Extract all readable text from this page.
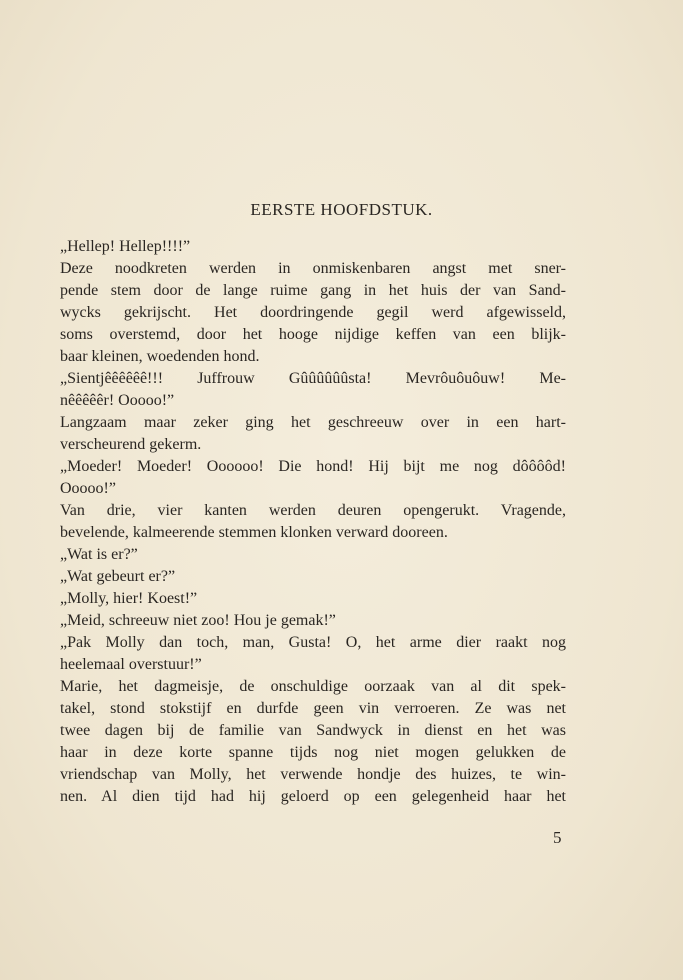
EERSTE HOOFDSTUK.
„Hellep! Hellep!!!!”
Deze noodkreten werden in onmiskenbaren angst met sner-
pende stem door de lange ruime gang in het huis der van Sand-
wycks gekrijscht. Het doordringende gegil werd afgewisseld,
soms overstemd, door het hooge nijdige keffen van een blijk-
baar kleinen, woedenden hond.
„Sientjêêêêêê!!! Juffrouw Gûûûûûûsta! Mevrôuôuôuw! Me-
nêêêêêr! Ooooo!”
Langzaam maar zeker ging het geschreeuw over in een hart-
verscheurend gekerm.
„Moeder! Moeder! Oooooo! Die hond! Hij bijt me nog dôôôôd!
Ooooo!”
Van drie, vier kanten werden deuren opengerukt. Vragende,
bevelende, kalmeerende stemmen klonken verward dooreen.
„Wat is er?”
„Wat gebeurt er?”
„Molly, hier! Koest!”
„Meid, schreeuw niet zoo! Hou je gemak!”
„Pak Molly dan toch, man, Gusta! O, het arme dier raakt nog
heelemaal overstuur!”
Marie, het dagmeisje, de onschuldige oorzaak van al dit spek-
takel, stond stokstijf en durfde geen vin verroeren. Ze was net
twee dagen bij de familie van Sandwyck in dienst en het was
haar in deze korte spanne tijds nog niet mogen gelukken de
vriendschap van Molly, het verwende hondje des huizes, te win-
nen. Al dien tijd had hij geloerd op een gelegenheid haar het
5
